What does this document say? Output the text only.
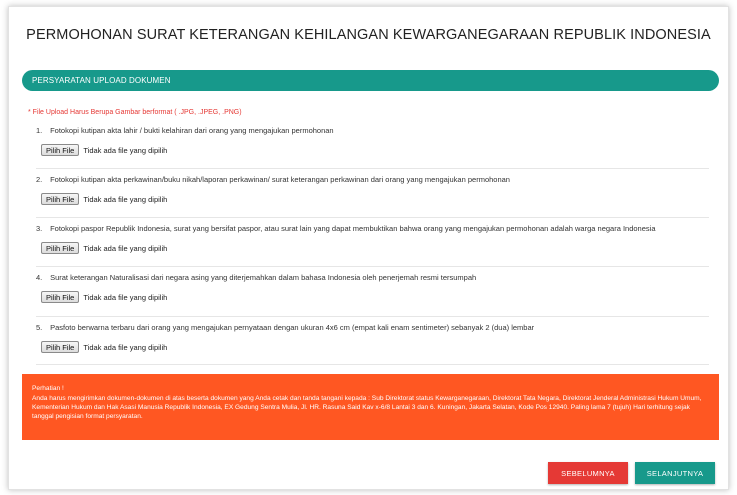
PERMOHONAN SURAT KETERANGAN KEHILANGAN KEWARGANEGARAAN REPUBLIK INDONESIA
PERSYARATAN UPLOAD DOKUMEN
* File Upload Harus Berupa Gambar berformat ( .JPG, .JPEG, .PNG)
1. Fotokopi kutipan akta lahir / bukti kelahiran dari orang yang mengajukan permohonan
Pilih File	Tidak ada file yang dipilih
2. Fotokopi kutipan akta perkawinan/buku nikah/laporan perkawinan/ surat keterangan perkawinan dari orang yang mengajukan permohonan
Pilih File	Tidak ada file yang dipilih
3. Fotokopi paspor Republik Indonesia, surat yang bersifat paspor, atau surat lain yang dapat membuktikan bahwa orang yang mengajukan permohonan adalah warga negara Indonesia
Pilih File	Tidak ada file yang dipilih
4. Surat keterangan Naturalisasi dari negara asing yang diterjemahkan dalam bahasa Indonesia oleh penerjemah resmi tersumpah
Pilih File	Tidak ada file yang dipilih
5. Pasfoto berwarna terbaru dari orang yang mengajukan pernyataan dengan ukuran 4x6 cm (empat kali enam sentimeter) sebanyak 2 (dua) lembar
Pilih File	Tidak ada file yang dipilih
Perhatian !
Anda harus mengirimkan dokumen-dokumen di atas beserta dokumen yang Anda cetak dan tanda tangani kepada : Sub Direktorat status Kewarganegaraan, Direktorat Tata Negara, Direktorat Jenderal Administrasi Hukum Umum, Kementerian Hukum dan Hak Asasi Manusia Republik Indonesia, EX Gedung Sentra Mulia, Jl. HR. Rasuna Said Kav x-6/8 Lantai 3 dan 6. Kuningan, Jakarta Selatan, Kode Pos 12940. Paling lama 7 (tujuh) Hari terhitung sejak tanggal pengisian format persyaratan.
SEBELUMNYA	SELANJUTNYA
